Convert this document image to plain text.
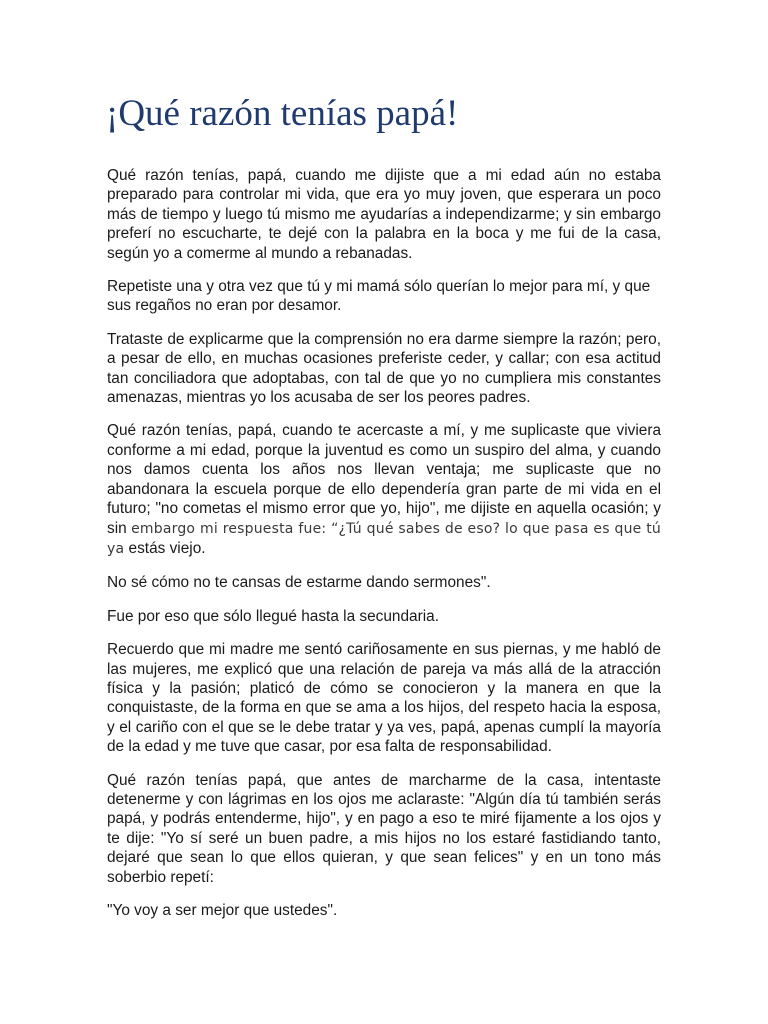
¡Qué razón tenías papá!

Qué razón tenías, papá, cuando me dijiste que a mi edad aún no estaba preparado para controlar mi vida, que era yo muy joven, que esperara un poco más de tiempo y luego tú mismo me ayudarías a independizarme; y sin embargo preferí no escucharte, te dejé con la palabra en la boca y me fui de la casa, según yo a comerme al mundo a rebanadas.

Repetiste una y otra vez que tú y mi mamá sólo querían lo mejor para mí, y que sus regaños no eran por desamor.

Trataste de explicarme que la comprensión no era darme siempre la razón; pero, a pesar de ello, en muchas ocasiones preferiste ceder, y callar; con esa actitud tan conciliadora que adoptabas, con tal de que yo no cumpliera mis constantes amenazas, mientras yo los acusaba de ser los peores padres.

Qué razón tenías, papá, cuando te acercaste a mí, y me suplicaste que viviera conforme a mi edad, porque la juventud es como un suspiro del alma, y cuando nos damos cuenta los años nos llevan ventaja; me suplicaste que no abandonara la escuela porque de ello dependería gran parte de mi vida en el futuro; "no cometas el mismo error que yo, hijo", me dijiste en aquella ocasión; y sin embargo mi respuesta fue: “¿Tú qué sabes de eso? lo que pasa es que tú ya estás viejo.

No sé cómo no te cansas de estarme dando sermones".

Fue por eso que sólo llegué hasta la secundaria.

Recuerdo que mi madre me sentó cariñosamente en sus piernas, y me habló de las mujeres, me explicó que una relación de pareja va más allá de la atracción física y la pasión; platicó de cómo se conocieron y la manera en que la conquistaste, de la forma en que se ama a los hijos, del respeto hacia la esposa, y el cariño con el que se le debe tratar y ya ves, papá, apenas cumplí la mayoría de la edad y me tuve que casar, por esa falta de responsabilidad.

Qué razón tenías papá, que antes de marcharme de la casa, intentaste detenerme y con lágrimas en los ojos me aclaraste: "Algún día tú también serás papá, y podrás entenderme, hijo", y en pago a eso te miré fijamente a los ojos y te dije: "Yo sí seré un buen padre, a mis hijos no los estaré fastidiando tanto, dejaré que sean lo que ellos quieran, y que sean felices" y en un tono más soberbio repetí:

"Yo voy a ser mejor que ustedes".
